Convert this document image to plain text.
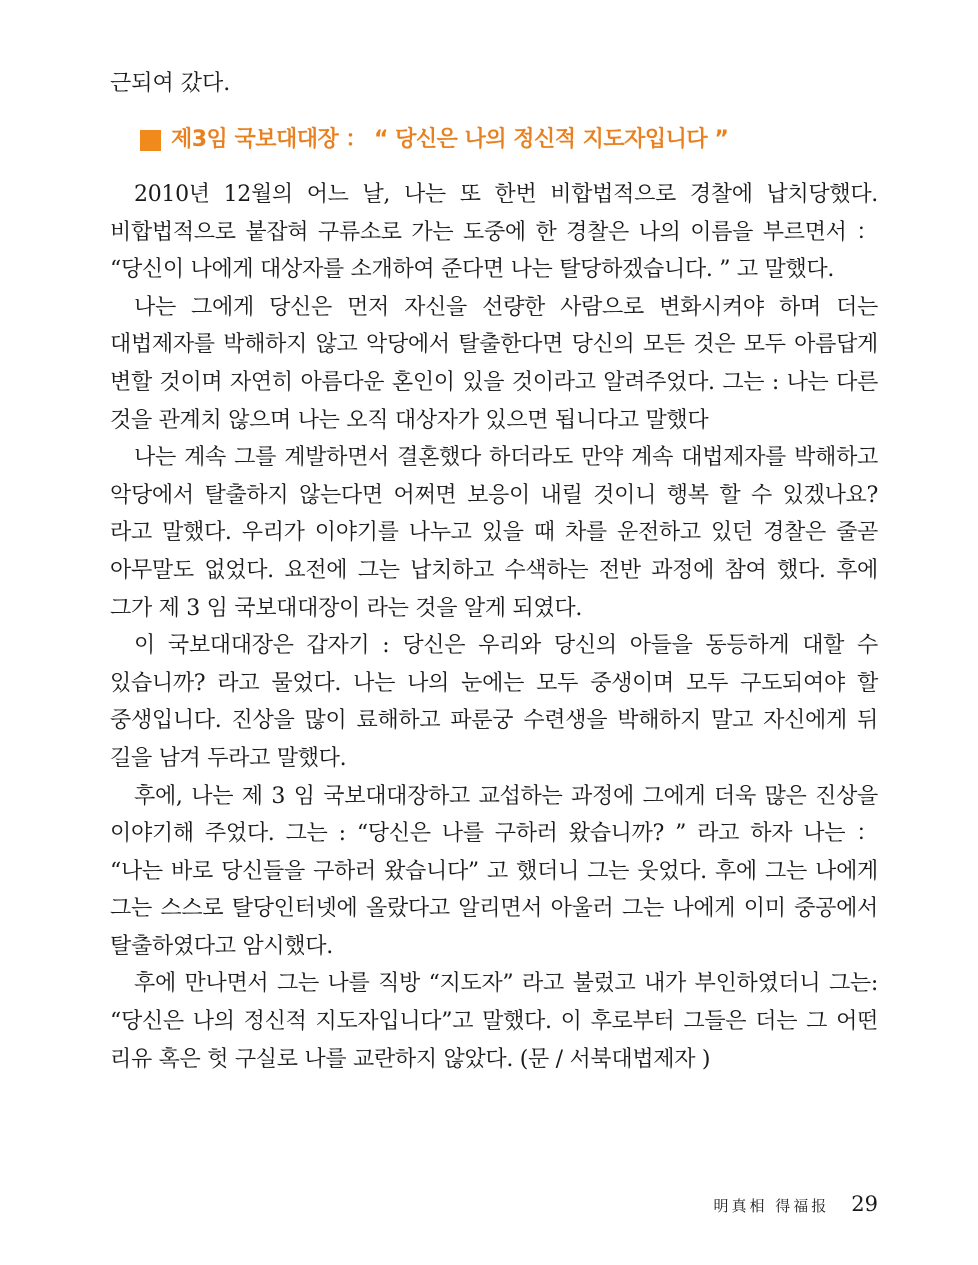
근되여 갔다.

제3임 국보대대장 ： “ 당신은 나의 정신적 지도자입니다 ”

2010년 12월의 어느 날, 나는 또 한번 비합법적으로 경찰에 납치당했다. 비합법적으로 붙잡혀 구류소로 가는 도중에 한 경찰은 나의 이름을 부르면서 ： “당신이 나에게 대상자를 소개하여 준다면 나는 탈당하겠습니다. ” 고 말했다.

나는 그에게 당신은 먼저 자신을 선량한 사람으로 변화시켜야 하며 더는 대법제자를 박해하지 않고 악당에서 탈출한다면 당신의 모든 것은 모두 아름답게 변할 것이며 자연히 아름다운 혼인이 있을 것이라고 알려주었다. 그는 : 나는 다른 것을 관계치 않으며 나는 오직 대상자가 있으면 됩니다고 말했다

나는 계속 그를 계발하면서 결혼했다 하더라도 만약 계속 대법제자를 박해하고 악당에서 탈출하지 않는다면 어쩌면 보응이 내릴 것이니 행복 할 수 있겠나요? 라고 말했다. 우리가 이야기를 나누고 있을 때 차를 운전하고 있던 경찰은 줄곧 아무말도 없었다. 요전에 그는 납치하고 수색하는 전반 과정에 참여 했다. 후에 그가 제 3 임 국보대대장이 라는 것을 알게 되였다.

이 국보대대장은 갑자기 : 당신은 우리와 당신의 아들을 동등하게 대할 수 있습니까? 라고 물었다. 나는 나의 눈에는 모두 중생이며 모두 구도되여야 할 중생입니다. 진상을 많이 료해하고 파룬궁 수련생을 박해하지 말고 자신에게 뒤 길을 남겨 두라고 말했다.

후에, 나는 제 3 임 국보대대장하고 교섭하는 과정에 그에게 더욱 많은 진상을 이야기해 주었다. 그는 : “당신은 나를 구하러 왔습니까? ” 라고 하자 나는 ： “나는 바로 당신들을 구하러 왔습니다” 고 했더니 그는 웃었다. 후에 그는 나에게 그는 스스로 탈당인터넷에 올랐다고 알리면서 아울러 그는 나에게 이미 중공에서 탈출하였다고 암시했다.

후에 만나면서 그는 나를 직방 “지도자” 라고 불렀고 내가 부인하였더니 그는: “당신은 나의 정신적 지도자입니다”고 말했다. 이 후로부터 그들은 더는 그 어떤 리유 혹은 헛 구실로 나를 교란하지 않았다. (문 / 서북대법제자 )

明真相 得福报 29
